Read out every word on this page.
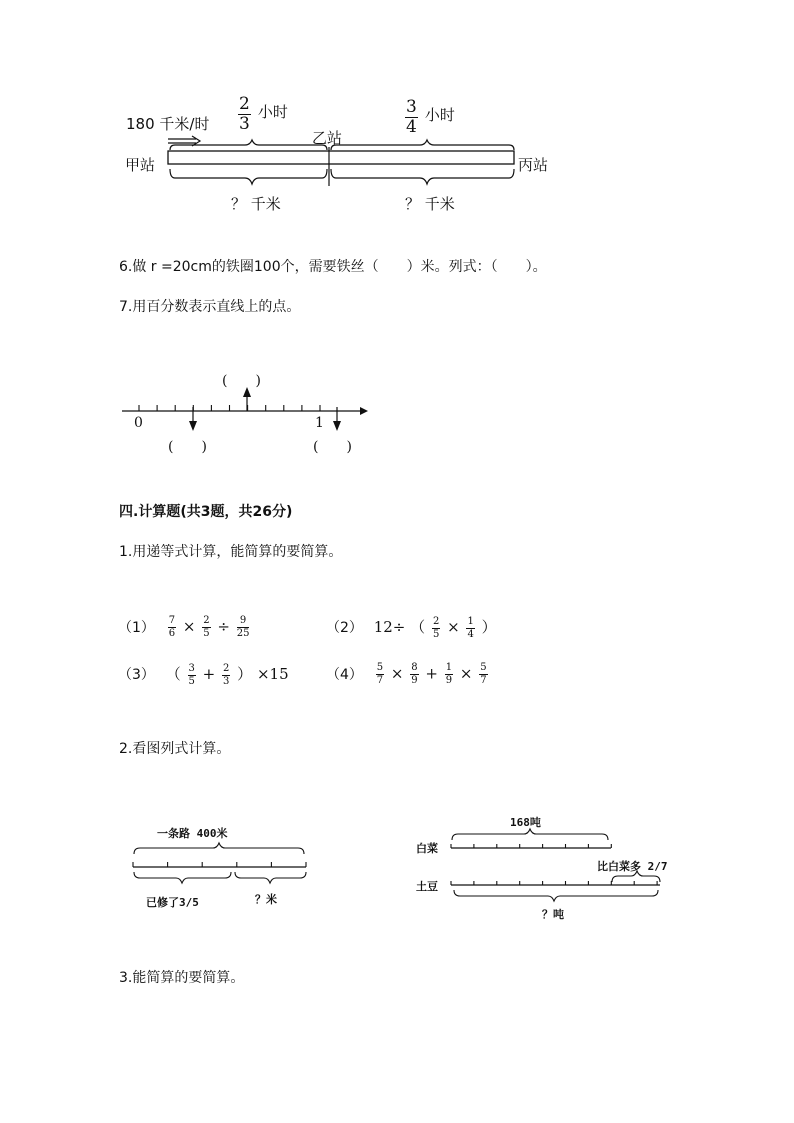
180 千米/时 $\frac{2}{3}$ 小时	$\frac{3}{4}$ 小时
甲站
乙站
丙站
？ 千米	？ 千米
6.做 r =20cm的铁圈100个，需要铁丝（　　）米。列式：（　　）。
7.用百分数表示直线上的点。
0	1
(　　)
(　　)	(　　)
四.计算题(共3题，共26分)
1.用递等式计算，能简算的要简算。
$(1) \frac{7}{6} \times \frac{2}{5} \div \frac{9}{25}$	（2） 12÷ （ $\frac{2}{5} \times \frac{1}{4}$ ）
（3） （ $\frac{3}{5} + \frac{2}{3}$ ） ×15	$(4) \frac{5}{7} \times \frac{8}{9} + \frac{1}{9} \times \frac{5}{7}$
2.看图列式计算。
一条路 400米
已修了3/5	？米
168吨
白菜
土豆
比白菜多 2/7
？吨
3.能简算的要简算。
